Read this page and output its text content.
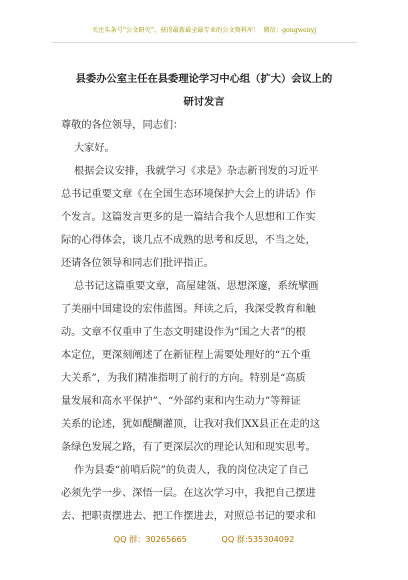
关注头条号“公文研究”，获得最新最全最专业的公文资料库！ 微信：gongwenyj
县委办公室主任在县委理论学习中心组（扩大）会议上的
研讨发言
尊敬的各位领导，同志们：
大家好。
根据会议安排，我就学习《求是》杂志新刊发的习近平
总书记重要文章《在全国生态环境保护大会上的讲话》作
个发言。这篇发言更多的是一篇结合我个人思想和工作实
际的心得体会，谈几点不成熟的思考和反思，不当之处，
还请各位领导和同志们批评指正。
总书记这篇重要文章，高屋建瓴、思想深邃，系统擘画
了美丽中国建设的宏伟蓝图。拜读之后，我深受教育和触
动。文章不仅重申了生态文明建设作为“国之大者”的根
本定位，更深刻阐述了在新征程上需要处理好的“五个重
大关系”，为我们精准指明了前行的方向。特别是“高质
量发展和高水平保护”、“外部约束和内生动力”等辩证
关系的论述，犹如醍醐灌顶，让我对我们XX县正在走的这
条绿色发展之路，有了更深层次的理论认知和现实思考。
作为县委“前哨后院”的负责人，我的岗位决定了自己
必须先学一步、深悟一层。在这次学习中，我把自己摆进
去、把职责摆进去、把工作摆进去，对照总书记的要求和
QQ 群：30265665	QQ 群:535304092
